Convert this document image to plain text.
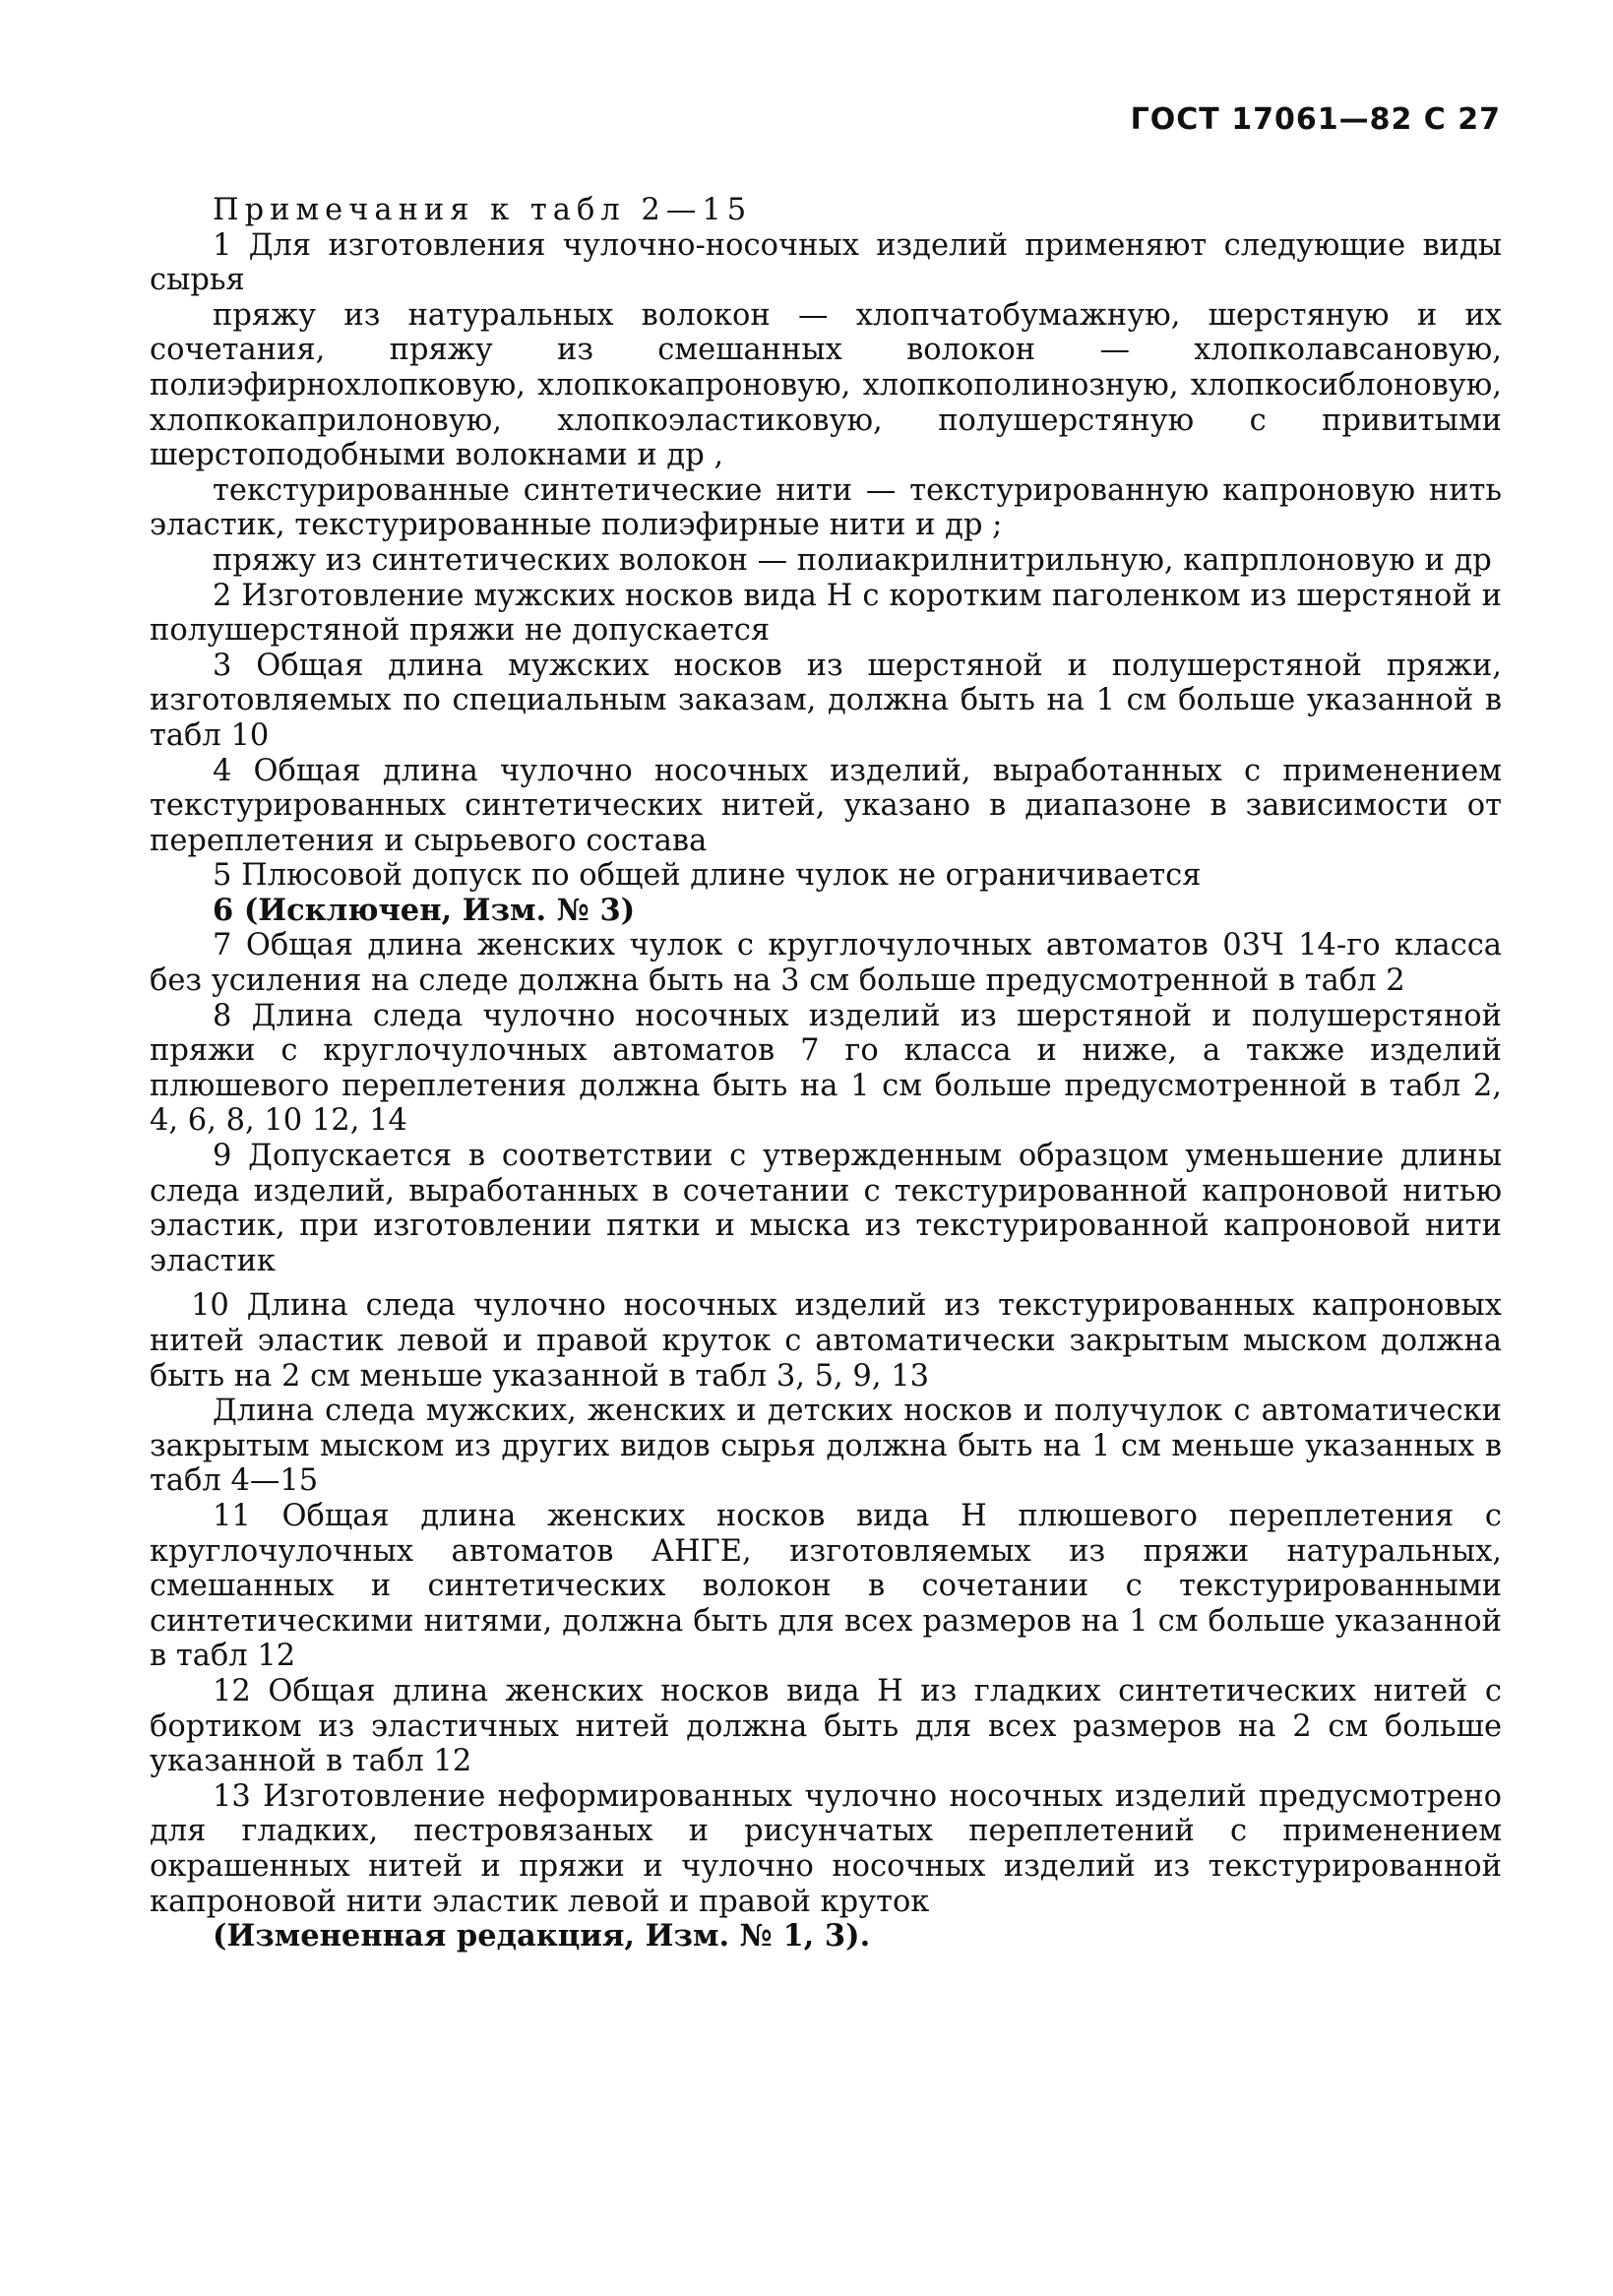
ГОСТ 17061—82 С 27

Примечания к табл 2—15

1 Для изготовления чулочно-носочных изделий применяют следующие виды сырья

пряжу из натуральных волокон — хлопчатобумажную, шерстяную и их сочетания, пряжу из смешанных волокон — хлопколавсановую, полиэфирнохлопковую, хлопкокапроновую, хлопкополинозную, хлопкосиблоновую, хлопкокаприлоновую, хлопкоэластиковую, полушерстяную с привитыми шерстоподобными волокнами и др ,

текстурированные синтетические нити — текстурированную капроновую нить эластик, текстурированные полиэфирные нити и др ;

пряжу из синтетических волокон — полиакрилнитрильную, капрплоновую и др

2 Изготовление мужских носков вида Н с коротким паголенком из шерстяной и полушерстяной пряжи не допускается

3 Общая длина мужских носков из шерстяной и полушерстяной пряжи, изготовляемых по специальным заказам, должна быть на 1 см больше указанной в табл 10

4 Общая длина чулочно носочных изделий, выработанных с применением текстурированных синтетических нитей, указано в диапазоне в зависимости от переплетения и сырьевого состава

5 Плюсовой допуск по общей длине чулок не ограничивается

6 (Исключен, Изм. № 3)

7 Общая длина женских чулок с круглочулочных автоматов 03Ч 14-го класса без усиления на следе должна быть на 3 см больше предусмотренной в табл 2

8 Длина следа чулочно носочных изделий из шерстяной и полушерстяной пряжи с круглочулочных автоматов 7 го класса и ниже, а также изделий плюшевого переплетения должна быть на 1 см больше предусмотренной в табл 2, 4, 6, 8, 10 12, 14

9 Допускается в соответствии с утвержденным образцом уменьшение длины следа изделий, выработанных в сочетании с текстурированной капроновой нитью эластик, при изготовлении пятки и мыска из текстурированной капроновой нити эластик

10 Длина следа чулочно носочных изделий из текстурированных капроновых нитей эластик левой и правой круток с автоматически закрытым мыском должна быть на 2 см меньше указанной в табл 3, 5, 9, 13

Длина следа мужских, женских и детских носков и получулок с автоматически закрытым мыском из других видов сырья должна быть на 1 см меньше указанных в табл 4—15

11 Общая длина женских носков вида Н плюшевого переплетения с круглочулочных автоматов АНГЕ, изготовляемых из пряжи натуральных, смешанных и синтетических волокон в сочетании с текстурированными синтетическими нитями, должна быть для всех размеров на 1 см больше указанной в табл 12

12 Общая длина женских носков вида Н из гладких синтетических нитей с бортиком из эластичных нитей должна быть для всех размеров на 2 см больше указанной в табл 12

13 Изготовление неформированных чулочно носочных изделий предусмотрено для гладких, пестровязаных и рисунчатых переплетений с применением окрашенных нитей и пряжи и чулочно носочных изделий из текстурированной капроновой нити эластик левой и правой круток

(Измененная редакция, Изм. № 1, 3).
